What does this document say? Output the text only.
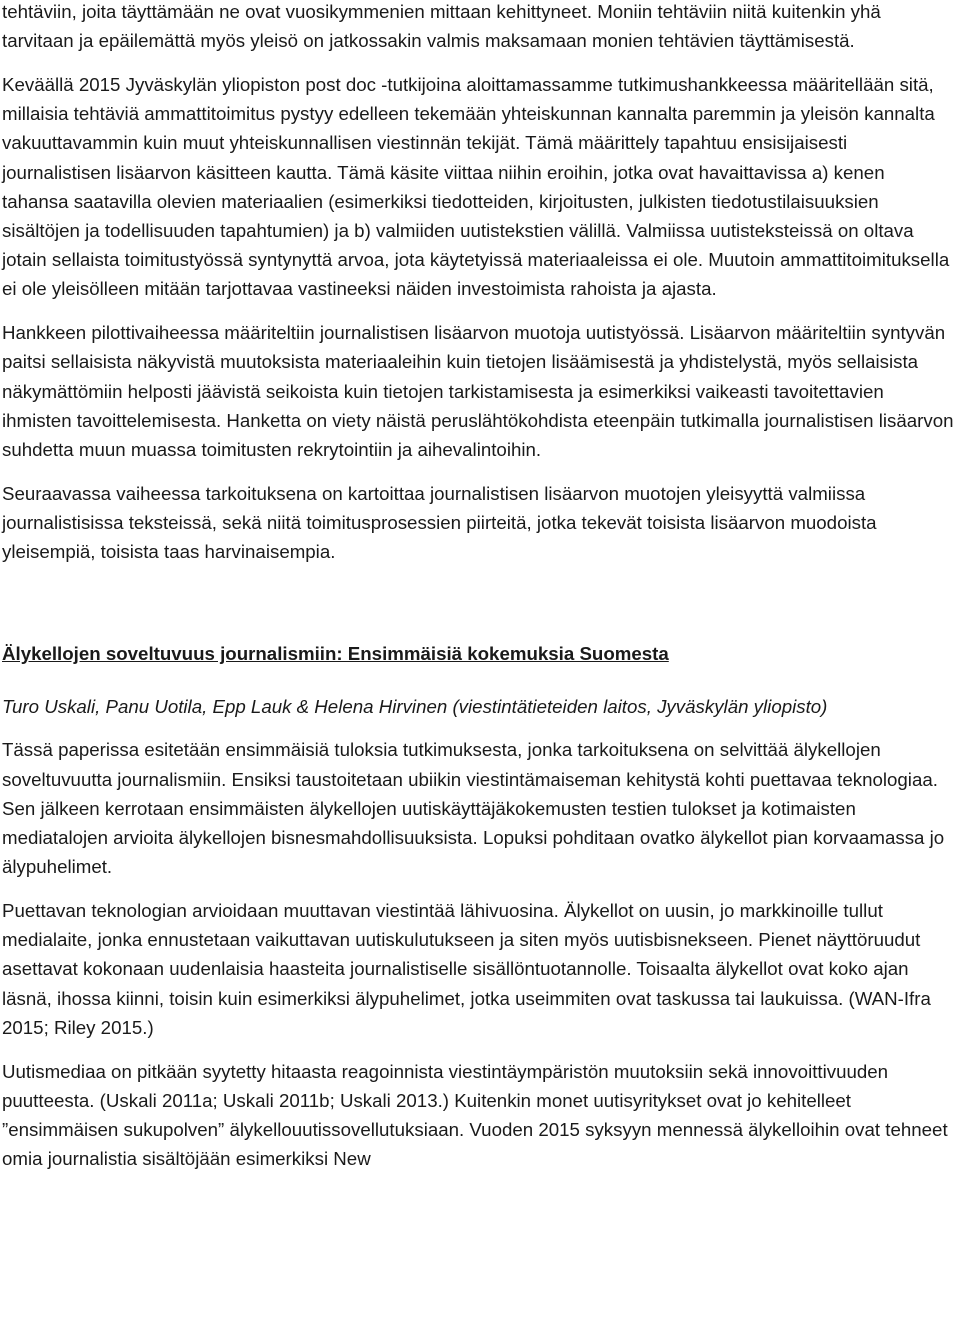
tehtäviin, joita täyttämään ne ovat vuosikymmenien mittaan kehittyneet. Moniin tehtäviin niitä kuitenkin yhä tarvitaan ja epäilemättä myös yleisö on jatkossakin valmis maksamaan monien tehtävien täyttämisestä.

Keväällä 2015 Jyväskylän yliopiston post doc -tutkijoina aloittamassamme tutkimushankkeessa määritellään sitä, millaisia tehtäviä ammattitoimitus pystyy edelleen tekemään yhteiskunnan kannalta paremmin ja yleisön kannalta vakuuttavammin kuin muut yhteiskunnallisen viestinnän tekijät. Tämä määrittely tapahtuu ensisijaisesti journalistisen lisäarvon käsitteen kautta. Tämä käsite viittaa niihin eroihin, jotka ovat havaittavissa a) kenen tahansa saatavilla olevien materiaalien (esimerkiksi tiedotteiden, kirjoitusten, julkisten tiedotustilaisuuksien sisältöjen ja todellisuuden tapahtumien) ja b) valmiiden uutistekstien välillä. Valmiissa uutisteksteissä on oltava jotain sellaista toimitustyössä syntynyttä arvoa, jota käytetyissä materiaaleissa ei ole. Muutoin ammattitoimituksella ei ole yleisölleen mitään tarjottavaa vastineeksi näiden investoimista rahoista ja ajasta.

Hankkeen pilottivaiheessa määriteltiin journalistisen lisäarvon muotoja uutistyössä. Lisäarvon määriteltiin syntyvän paitsi sellaisista näkyvistä muutoksista materiaaleihin kuin tietojen lisäämisestä ja yhdistelystä, myös sellaisista näkymättömiin helposti jäävistä seikoista kuin tietojen tarkistamisesta ja esimerkiksi vaikeasti tavoitettavien ihmisten tavoittelemisesta. Hanketta on viety näistä peruslähtökohdista eteenpäin tutkimalla journalistisen lisäarvon suhdetta muun muassa toimitusten rekrytointiin ja aihevalintoihin.

Seuraavassa vaiheessa tarkoituksena on kartoittaa journalistisen lisäarvon muotojen yleisyyttä valmiissa journalistisissa teksteissä, sekä niitä toimitusprosessien piirteitä, jotka tekevät toisista lisäarvon muodoista yleisempiä, toisista taas harvinaisempia.

Älykellojen soveltuvuus journalismiin: Ensimmäisiä kokemuksia Suomesta

Turo Uskali, Panu Uotila, Epp Lauk & Helena Hirvinen (viestintätieteiden laitos, Jyväskylän yliopisto)

Tässä paperissa esitetään ensimmäisiä tuloksia tutkimuksesta, jonka tarkoituksena on selvittää älykellojen soveltuvuutta journalismiin. Ensiksi taustoitetaan ubiikin viestintämaiseman kehitystä kohti puettavaa teknologiaa. Sen jälkeen kerrotaan ensimmäisten älykellojen uutiskäyttäjäkokemusten testien tulokset ja kotimaisten mediatalojen arvioita älykellojen bisnesmahdollisuuksista. Lopuksi pohditaan ovatko älykellot pian korvaamassa jo älypuhelimet.

Puettavan teknologian arvioidaan muuttavan viestintää lähivuosina. Älykellot on uusin, jo markkinoille tullut medialaite, jonka ennustetaan vaikuttavan uutiskulutukseen ja siten myös uutisbisnekseen. Pienet näyttöruudut asettavat kokonaan uudenlaisia haasteita journalistiselle sisällöntuotannolle. Toisaalta älykellot ovat koko ajan läsnä, ihossa kiinni, toisin kuin esimerkiksi älypuhelimet, jotka useimmiten ovat taskussa tai laukuissa. (WAN-Ifra 2015; Riley 2015.)

Uutismediaa on pitkään syytetty hitaasta reagoinnista viestintäympäristön muutoksiin sekä innovoittivuuden puutteesta. (Uskali 2011a; Uskali 2011b; Uskali 2013.) Kuitenkin monet uutisyritykset ovat jo kehitelleet ”ensimmäisen sukupolven” älykellouutissovellutuksiaan. Vuoden 2015 syksyyn mennessä älykelloihin ovat tehneet omia journalistia sisältöjään esimerkiksi New
